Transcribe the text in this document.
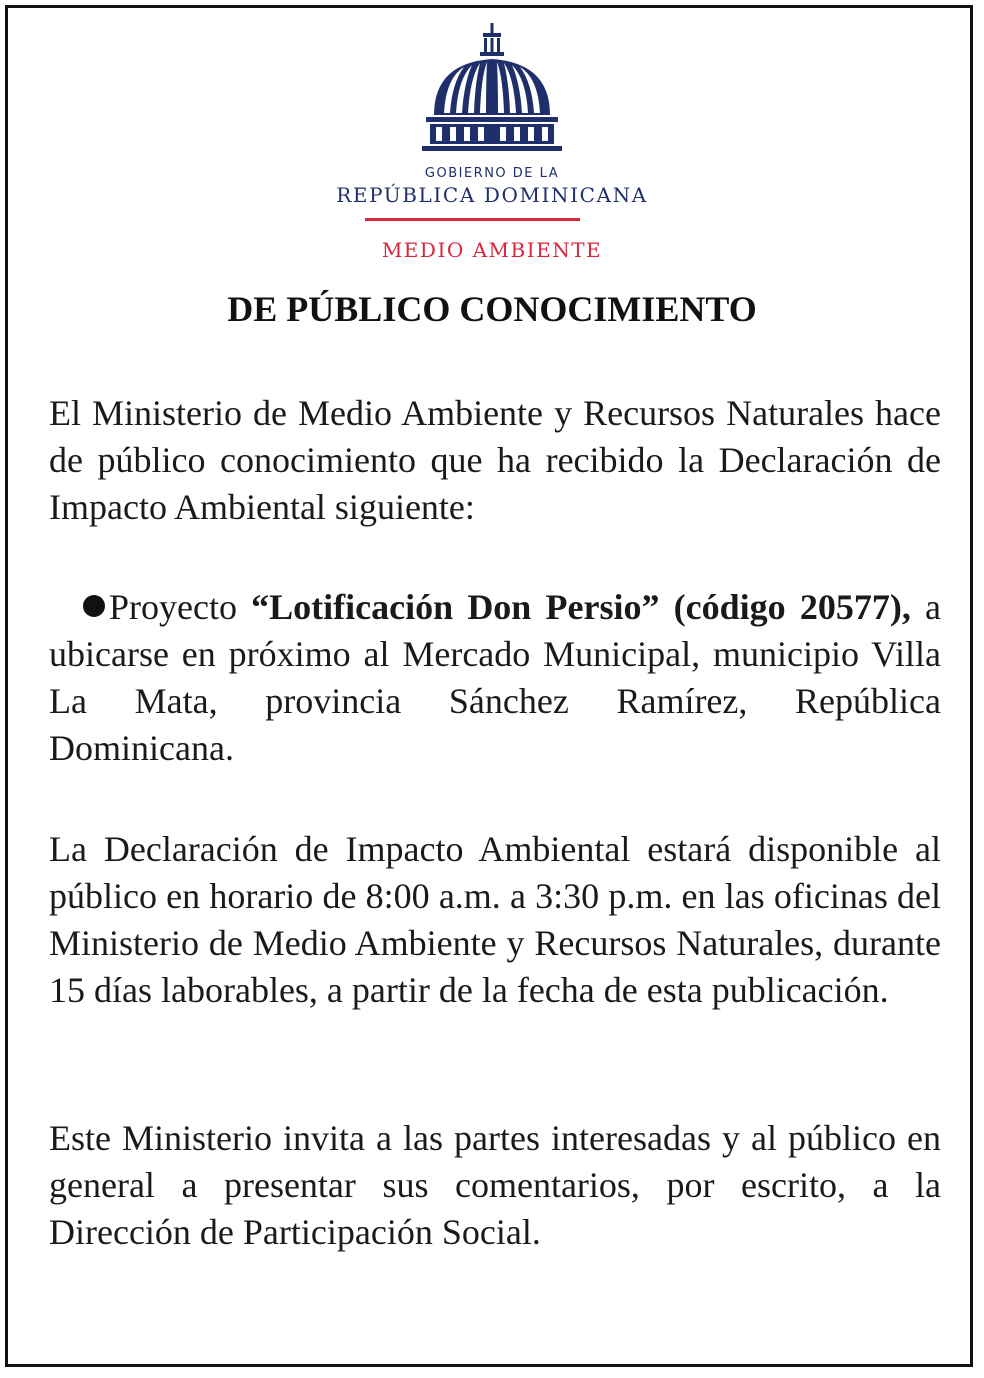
GOBIERNO DE LA
REPÚBLICA DOMINICANA
MEDIO AMBIENTE
DE PÚBLICO CONOCIMIENTO
El Ministerio de Medio Ambiente y Recursos Naturales hace de público conocimiento que ha recibido la Declaración de Impacto Ambiental siguiente:
Proyecto “Lotificación Don Persio” (código 20577), a ubicarse en próximo al Mercado Municipal, municipio Villa La Mata, provincia Sánchez Ramírez, República Dominicana.
La Declaración de Impacto Ambiental estará disponible al público en horario de 8:00 a.m. a 3:30 p.m. en las oficinas del Ministerio de Medio Ambiente y Recursos Naturales, durante 15 días laborables, a partir de la fecha de esta publicación.
Este Ministerio invita a las partes interesadas y al público en general a presentar sus comentarios, por escrito, a la Dirección de Participación Social.
